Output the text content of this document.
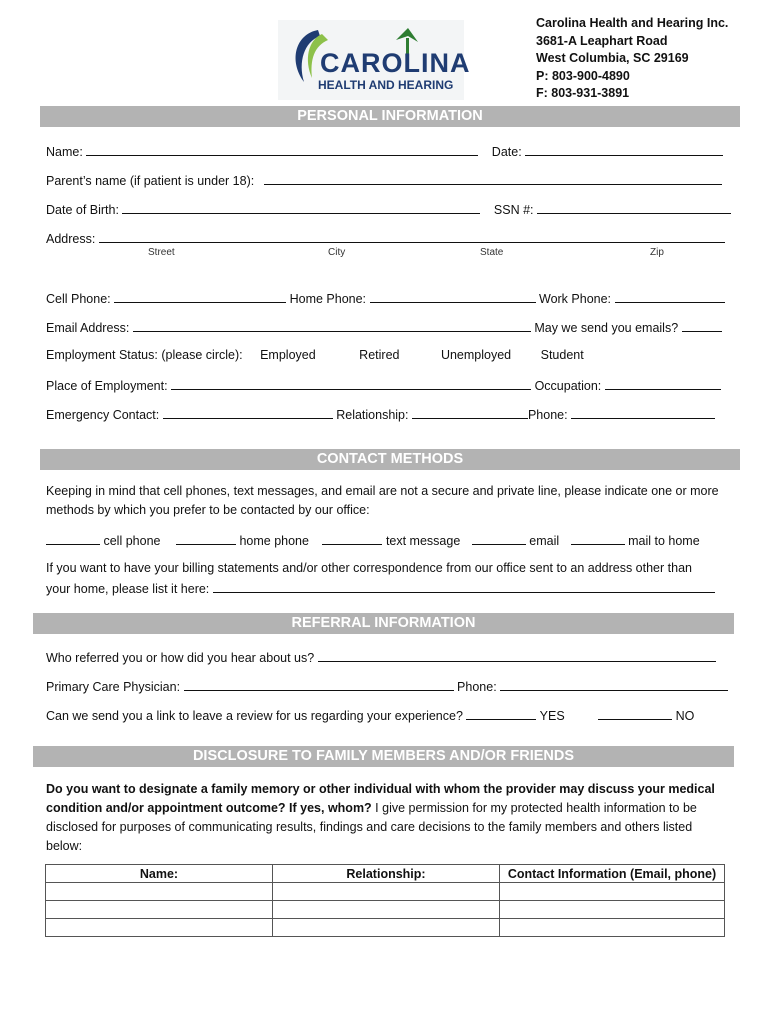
CAROLINA
HEALTH AND HEARING
Carolina Health and Hearing Inc.
3681-A Leaphart Road
West Columbia, SC 29169
P: 803-900-4890
F: 803-931-3891
PERSONAL INFORMATION
Name:	Date:
Parent’s name (if patient is under 18):
Date of Birth:	SSN #:
Address:
Street	City	State	Zip
Cell Phone:	Home Phone:	Work Phone:
Email Address:	May we send you emails?
Employment Status: (please circle): Employed	Retired	Unemployed Student
Place of Employment:	Occupation:
Emergency Contact:	Relationship:	Phone:
CONTACT METHODS
Keeping in mind that cell phones, text messages, and email are not a secure and private line, please indicate one or more methods by which you prefer to be contacted by our office:
cell phone	home phone	text message	email	mail to home
If you want to have your billing statements and/or other correspondence from our office sent to an address other than
your home, please list it here:
REFERRAL INFORMATION
Who referred you or how did you hear about us?
Primary Care Physician:	Phone:
Can we send you a link to leave a review for us regarding your experience?	YES	NO
DISCLOSURE TO FAMILY MEMBERS AND/OR FRIENDS
Do you want to designate a family memory or other individual with whom the provider may discuss your medical condition and/or appointment outcome? If yes, whom? I give permission for my protected health information to be disclosed for purposes of communicating results, findings and care decisions to the family members and others listed below:
Name:	Relationship:	Contact Information (Email, phone)
